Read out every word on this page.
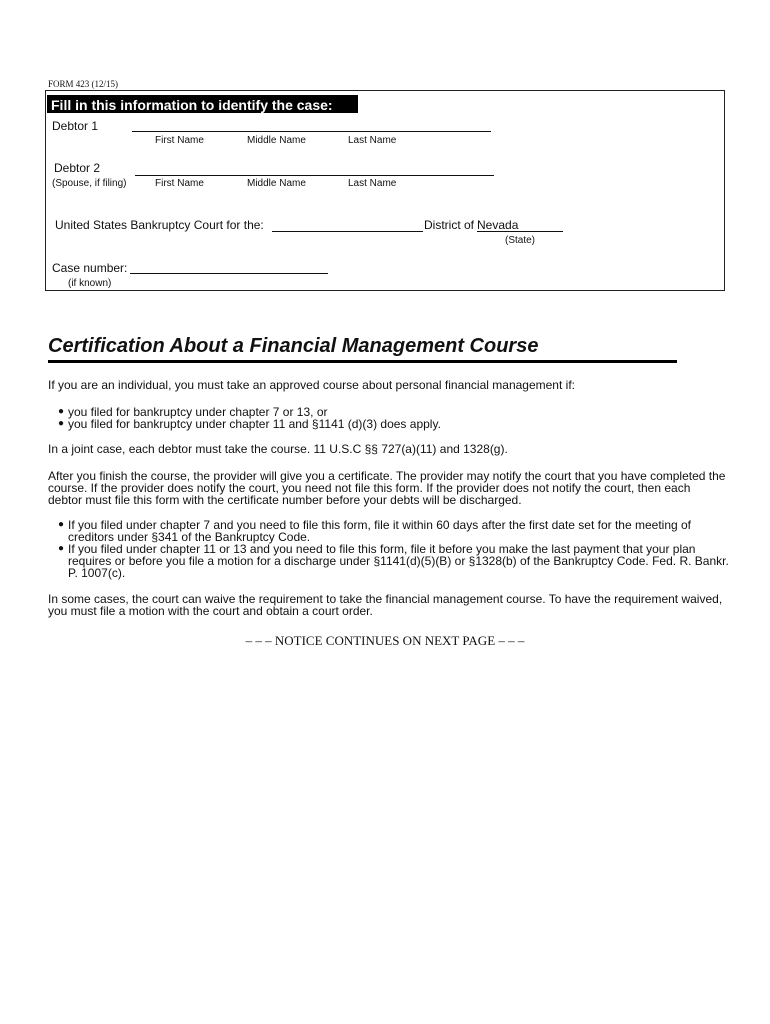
FORM 423 (12/15)
Fill in this information to identify the case:
Debtor 1
First Name	Middle Name	Last Name
Debtor 2
(Spouse, if filing)	First Name	Middle Name	Last Name
United States Bankruptcy Court for the:	District of Nevada
(State)
Case number:
(if known)
Certification About a Financial Management Course
If you are an individual, you must take an approved course about personal financial management if:
● you filed for bankruptcy under chapter 7 or 13, or
● you filed for bankruptcy under chapter 11 and §1141 (d)(3) does apply.
In a joint case, each debtor must take the course. 11 U.S.C §§ 727(a)(11) and 1328(g).
After you finish the course, the provider will give you a certificate. The provider may notify the court that you have completed the course. If the provider does notify the court, you need not file this form. If the provider does not notify the court, then each debtor must file this form with the certificate number before your debts will be discharged.
● If you filed under chapter 7 and you need to file this form, file it within 60 days after the first date set for the meeting of creditors under §341 of the Bankruptcy Code.
● If you filed under chapter 11 or 13 and you need to file this form, file it before you make the last payment that your plan requires or before you file a motion for a discharge under §1141(d)(5)(B) or §1328(b) of the Bankruptcy Code. Fed. R. Bankr. P. 1007(c).
In some cases, the court can waive the requirement to take the financial management course. To have the requirement waived, you must file a motion with the court and obtain a court order.
– – – NOTICE CONTINUES ON NEXT PAGE – – –
